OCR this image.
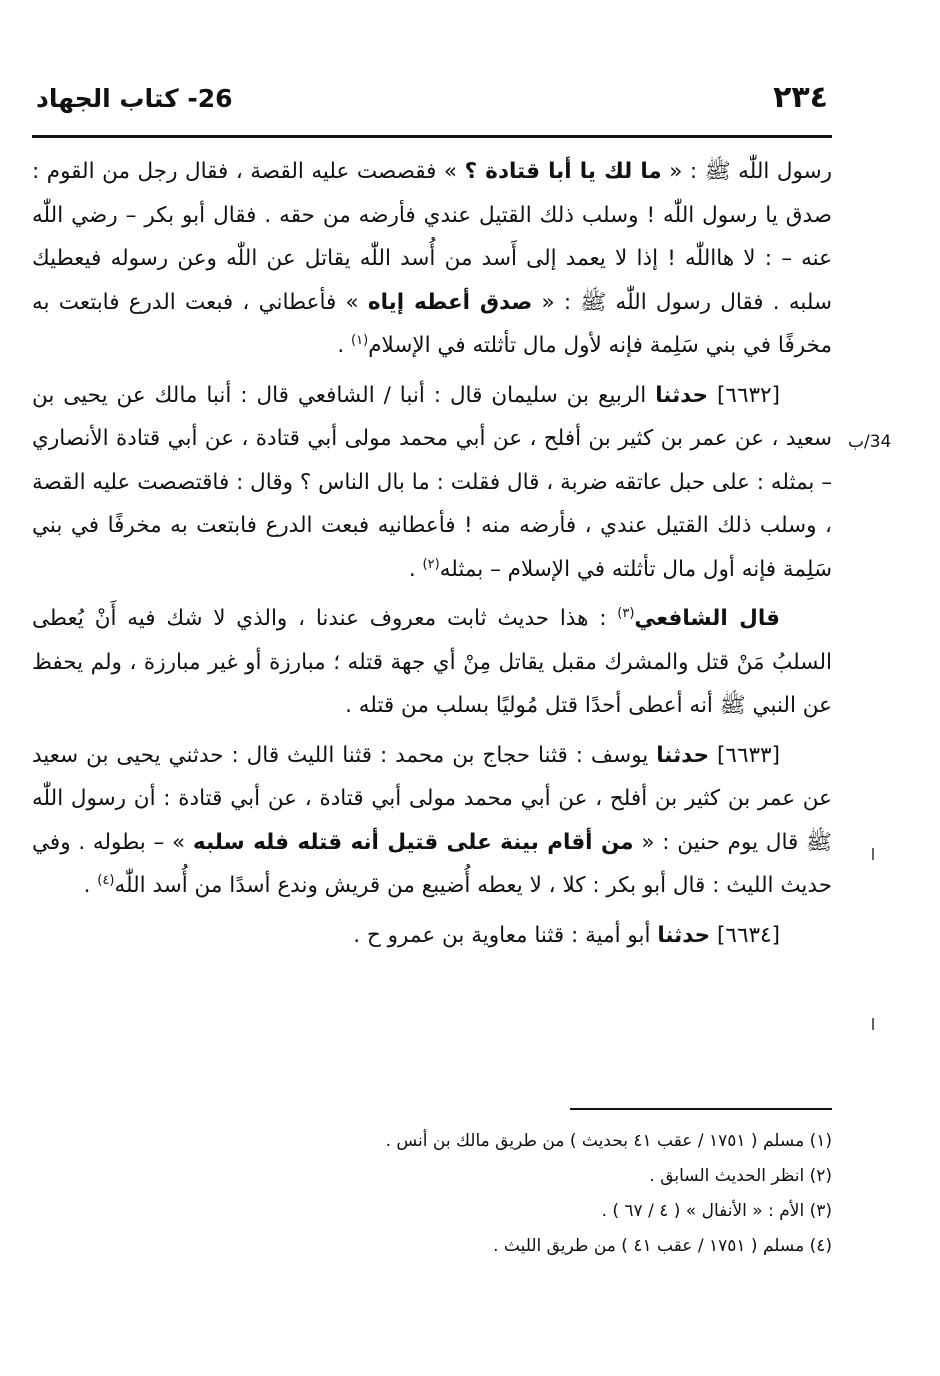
٢٣٤
26- كتاب الجهاد
34/ب

رسول اللّٰه ﷺ : « ما لك يا أبا قتادة ؟ » فقصصت عليه القصة ، فقال رجل من القوم : صدق يا رسول اللّٰه ! وسلب ذلك القتيل عندي فأرضه من حقه . فقال أبو بكر – رضي اللّٰه عنه – : لا هااللّٰه ! إذا لا يعمد إلى أَسد من أُسد اللّٰه يقاتل عن اللّٰه وعن رسوله فيعطيك سلبه . فقال رسول اللّٰه ﷺ : « صدق أعطه إياه » فأعطاني ، فبعت الدرع فابتعت به مخرفًا في بني سَلِمة فإنه لأول مال تأثلته في الإسلام$^{(١)}$ .

[٦٦٣٢] حدثنا الربيع بن سليمان قال : أنبا / الشافعي قال : أنبا مالك عن يحيى بن سعيد ، عن عمر بن كثير بن أفلح ، عن أبي محمد مولى أبي قتادة ، عن أبي قتادة الأنصاري – بمثله : على حبل عاتقه ضربة ، قال فقلت : ما بال الناس ؟ وقال : فاقتصصت عليه القصة ، وسلب ذلك القتيل عندي ، فأرضه منه ! فأعطانيه فبعت الدرع فابتعت به مخرفًا في بني سَلِمة فإنه أول مال تأثلته في الإسلام – بمثله$^{(٢)}$ .

قال الشافعي$^{(٣)}$ : هذا حديث ثابت معروف عندنا ، والذي لا شك فيه أَنْ يُعطى السلبُ مَنْ قتل والمشرك مقبل يقاتل مِنْ أي جهة قتله ؛ مبارزة أو غير مبارزة ، ولم يحفظ عن النبي ﷺ أنه أعطى أحدًا قتل مُوليًا بسلب من قتله .

[٦٦٣٣] حدثنا يوسف : قثنا حجاج بن محمد : قثنا الليث قال : حدثني يحيى بن سعيد عن عمر بن كثير بن أفلح ، عن أبي محمد مولى أبي قتادة ، عن أبي قتادة : أن رسول اللّٰه ﷺ قال يوم حنين : « من أقام بينة على قتيل أنه قتله فله سلبه » – بطوله . وفي حديث الليث : قال أبو بكر : كلا ، لا يعطه أُضيبع من قريش وندع أسدًا من أُسد اللّٰه$^{(٤)}$ .

[٦٦٣٤] حدثنا أبو أمية : قثنا معاوية بن عمرو ح .

(١) مسلم ( ١٧٥١ / عقب ٤١ بحديث ) من طريق مالك بن أنس .

(٢) انظر الحديث السابق .

(٣) الأم : « الأنفال » ( ٤ / ٦٧ ) .

(٤) مسلم ( ١٧٥١ / عقب ٤١ ) من طريق الليث .
